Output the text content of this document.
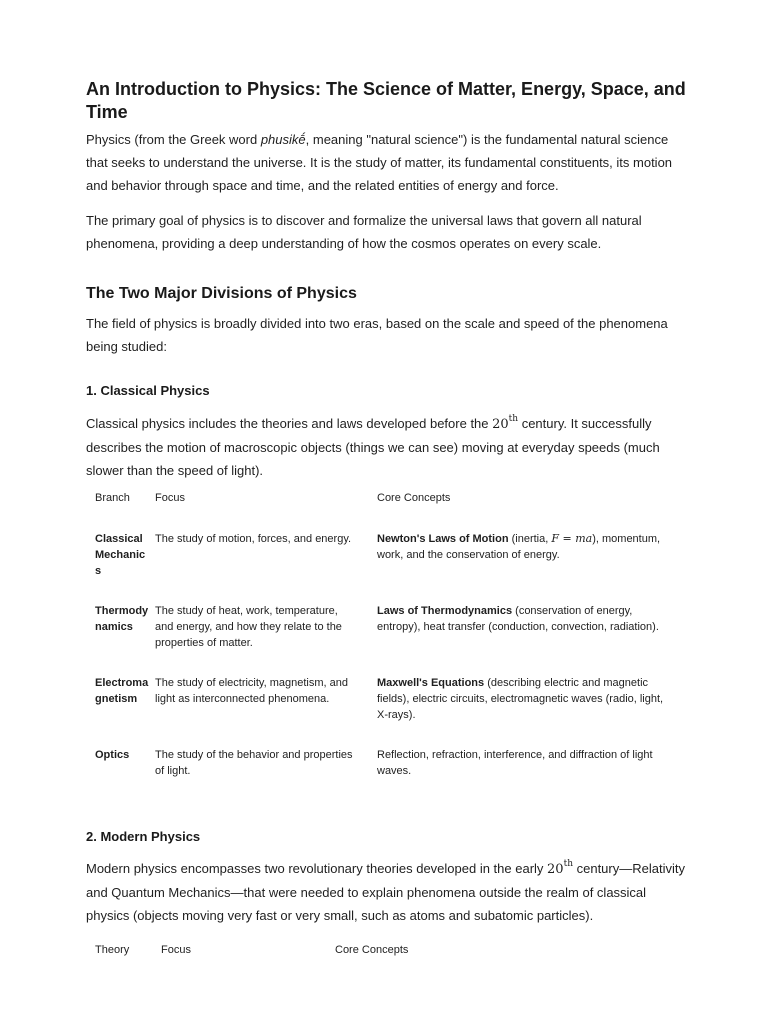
An Introduction to Physics: The Science of Matter, Energy, Space, and Time

Physics (from the Greek word phusikḗ, meaning "natural science") is the fundamental natural science that seeks to understand the universe. It is the study of matter, its fundamental constituents, its motion and behavior through space and time, and the related entities of energy and force.

The primary goal of physics is to discover and formalize the universal laws that govern all natural phenomena, providing a deep understanding of how the cosmos operates on every scale.

The Two Major Divisions of Physics

The field of physics is broadly divided into two eras, based on the scale and speed of the phenomena being studied:

1. Classical Physics

Classical physics includes the theories and laws developed before the 20th century. It successfully describes the motion of macroscopic objects (things we can see) moving at everyday speeds (much slower than the speed of light).

Branch	Focus	Core Concepts

Classical Mechanics	The study of motion, forces, and energy.	Newton's Laws of Motion (inertia, F = ma), momentum, work, and the conservation of energy.

Thermodynamics	The study of heat, work, temperature, and energy, and how they relate to the properties of matter.	Laws of Thermodynamics (conservation of energy, entropy), heat transfer (conduction, convection, radiation).

Electromagnetism	The study of electricity, magnetism, and light as interconnected phenomena.	Maxwell's Equations (describing electric and magnetic fields), electric circuits, electromagnetic waves (radio, light, X-rays).

Optics	The study of the behavior and properties of light.	Reflection, refraction, interference, and diffraction of light waves.
2. Modern Physics

Modern physics encompasses two revolutionary theories developed in the early 20th century—Relativity and Quantum Mechanics—that were needed to explain phenomena outside the realm of classical physics (objects moving very fast or very small, such as atoms and subatomic particles).

Theory	Focus	Core Concepts
